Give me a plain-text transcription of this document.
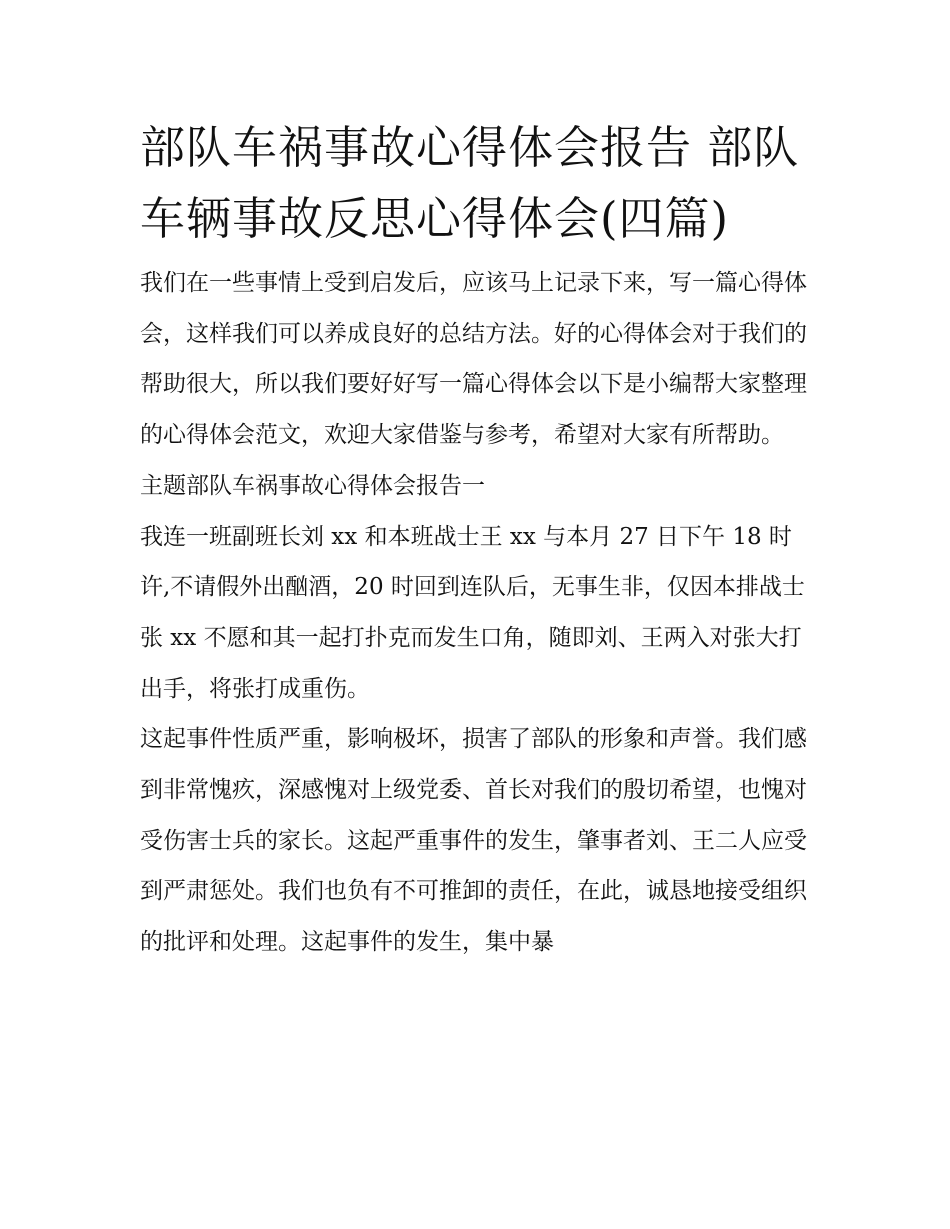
部队车祸事故心得体会报告 部队车辆事故反思心得体会(四篇)

我们在一些事情上受到启发后，应该马上记录下来，写一篇心得体会，这样我们可以养成良好的总结方法。好的心得体会对于我们的帮助很大，所以我们要好好写一篇心得体会以下是小编帮大家整理的心得体会范文，欢迎大家借鉴与参考，希望对大家有所帮助。

主题部队车祸事故心得体会报告一

我连一班副班长刘 xx 和本班战士王 xx 与本月 27 日下午 18 时许,不请假外出酗酒，20 时回到连队后，无事生非，仅因本排战士张 xx 不愿和其一起打扑克而发生口角，随即刘、王两入对张大打出手，将张打成重伤。

这起事件性质严重，影响极坏，损害了部队的形象和声誉。我们感到非常愧疚，深感愧对上级党委、首长对我们的殷切希望，也愧对受伤害士兵的家长。这起严重事件的发生，肇事者刘、王二人应受到严肃惩处。我们也负有不可推卸的责任，在此，诚恳地接受组织的批评和处理。这起事件的发生，集中暴
